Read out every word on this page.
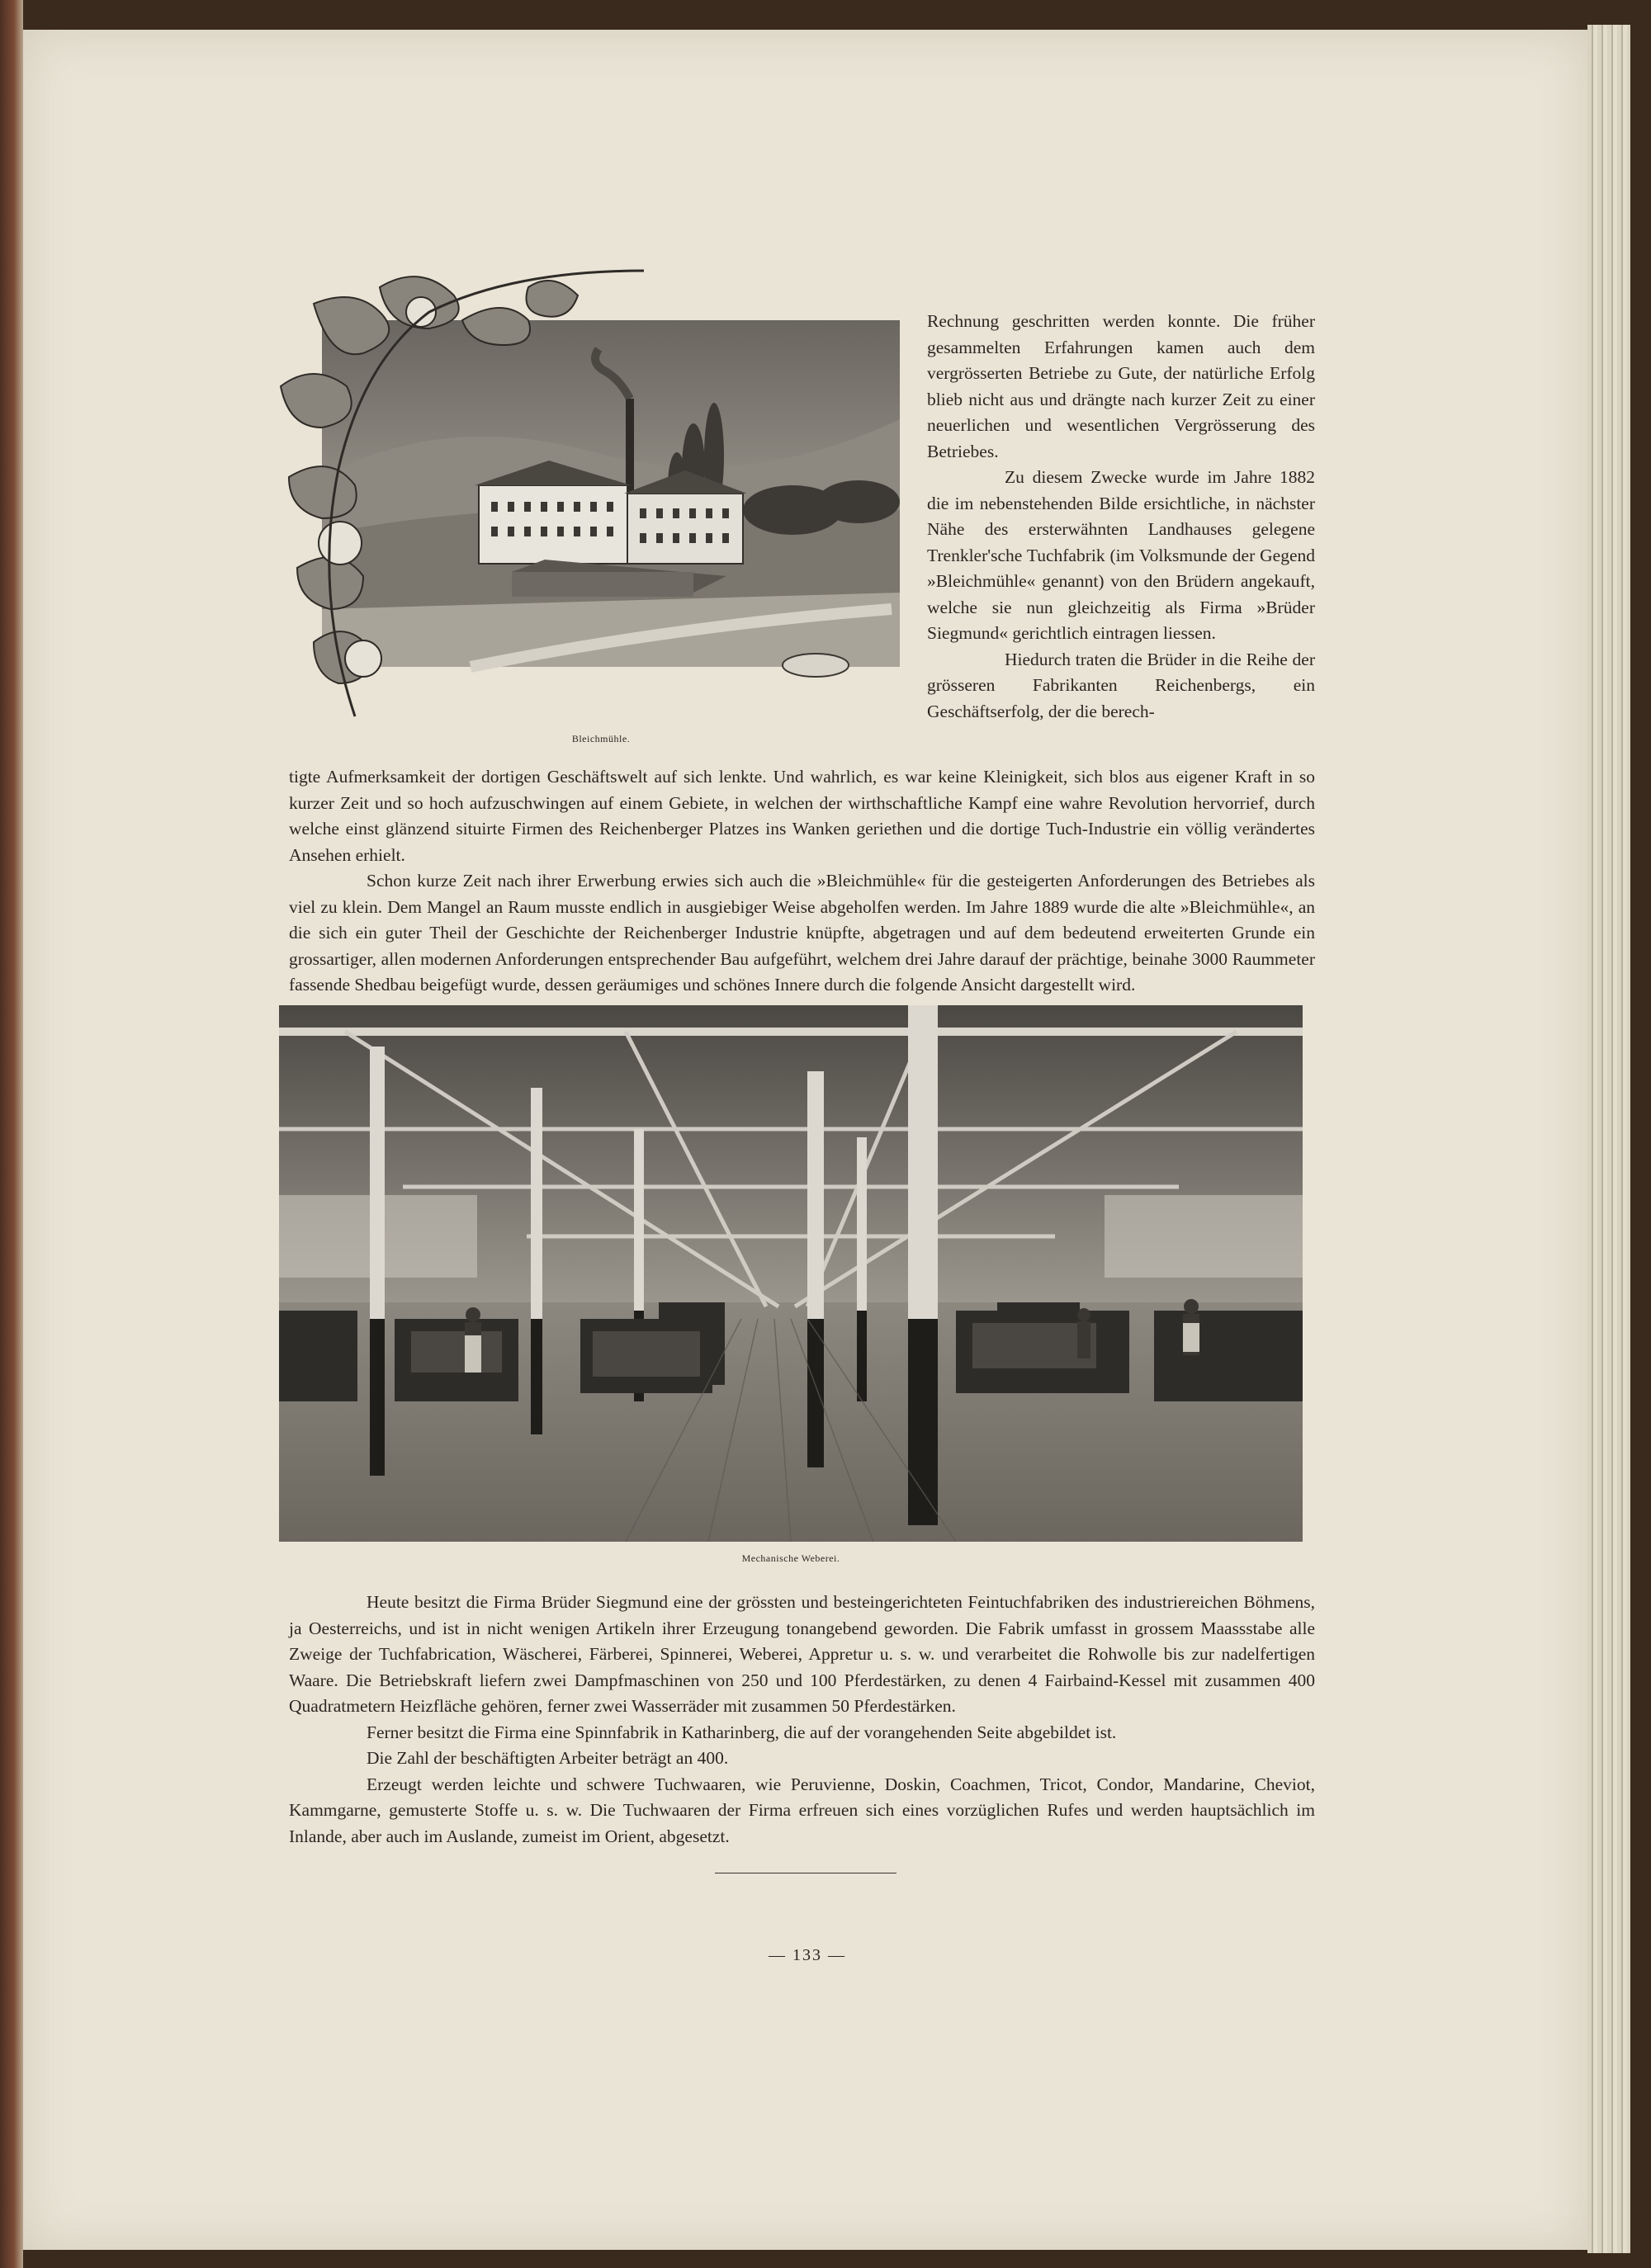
Bleichmühle.

Rechnung geschritten werden konnte. Die früher gesammelten Erfahrungen kamen auch dem vergrösserten Betriebe zu Gute, der natürliche Erfolg blieb nicht aus und drängte nach kurzer Zeit zu einer neuerlichen und wesentlichen Vergrösserung des Betriebes.

Zu diesem Zwecke wurde im Jahre 1882 die im nebenstehenden Bilde ersichtliche, in nächster Nähe des ersterwähnten Landhauses gelegene Trenkler'sche Tuchfabrik (im Volksmunde der Gegend »Bleichmühle« genannt) von den Brüdern angekauft, welche sie nun gleichzeitig als Firma »Brüder Siegmund« gerichtlich eintragen liessen.

Hiedurch traten die Brüder in die Reihe der grösseren Fabrikanten Reichenbergs, ein Geschäftserfolg, der die berech-

tigte Aufmerksamkeit der dortigen Geschäftswelt auf sich lenkte. Und wahrlich, es war keine Kleinigkeit, sich blos aus eigener Kraft in so kurzer Zeit und so hoch aufzuschwingen auf einem Gebiete, in welchen der wirthschaftliche Kampf eine wahre Revolution hervorrief, durch welche einst glänzend situirte Firmen des Reichenberger Platzes ins Wanken geriethen und die dortige Tuch-Industrie ein völlig verändertes Ansehen erhielt.

Schon kurze Zeit nach ihrer Erwerbung erwies sich auch die »Bleichmühle« für die gesteigerten Anforderungen des Betriebes als viel zu klein. Dem Mangel an Raum musste endlich in ausgiebiger Weise abgeholfen werden. Im Jahre 1889 wurde die alte »Bleichmühle«, an die sich ein guter Theil der Geschichte der Reichenberger Industrie knüpfte, abgetragen und auf dem bedeutend erweiterten Grunde ein grossartiger, allen modernen Anforderungen entsprechender Bau aufgeführt, welchem drei Jahre darauf der prächtige, beinahe 3000 Raummeter fassende Shedbau beigefügt wurde, dessen geräumiges und schönes Innere durch die folgende Ansicht dargestellt wird.

Mechanische Weberei.

Heute besitzt die Firma Brüder Siegmund eine der grössten und besteingerichteten Feintuchfabriken des industriereichen Böhmens, ja Oesterreichs, und ist in nicht wenigen Artikeln ihrer Erzeugung tonangebend geworden. Die Fabrik umfasst in grossem Maassstabe alle Zweige der Tuchfabrication, Wäscherei, Färberei, Spinnerei, Weberei, Appretur u. s. w. und verarbeitet die Rohwolle bis zur nadelfertigen Waare. Die Betriebskraft liefern zwei Dampfmaschinen von 250 und 100 Pferdestärken, zu denen 4 Fairbaind-Kessel mit zusammen 400 Quadratmetern Heizfläche gehören, ferner zwei Wasserräder mit zusammen 50 Pferdestärken.

Ferner besitzt die Firma eine Spinnfabrik in Katharinberg, die auf der vorangehenden Seite abgebildet ist.

Die Zahl der beschäftigten Arbeiter beträgt an 400.

Erzeugt werden leichte und schwere Tuchwaaren, wie Peruvienne, Doskin, Coachmen, Tricot, Condor, Mandarine, Cheviot, Kammgarne, gemusterte Stoffe u. s. w. Die Tuchwaaren der Firma erfreuen sich eines vorzüglichen Rufes und werden hauptsächlich im Inlande, aber auch im Auslande, zumeist im Orient, abgesetzt.

— 133 —
